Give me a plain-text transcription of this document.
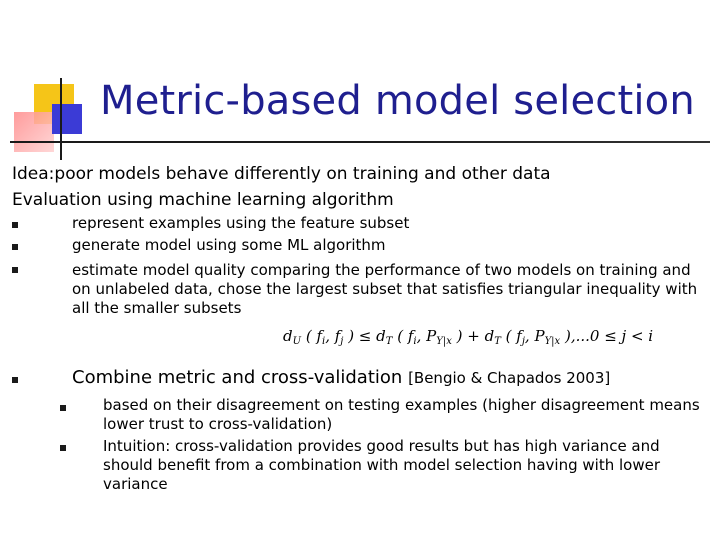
Metric-based model selection
Idea:poor models behave differently on training and other data
Evaluation using machine learning algorithm
represent examples using the feature subset
generate model using some ML algorithm
estimate model quality comparing the performance of two models on training and on unlabeled data, chose the largest subset that satisfies triangular inequality with all the smaller subsets
$d_U$ ( $f_i$, $f_j$ ) ≤ $d_T$ ( $f_i$, $P_{Y|x}$ ) + $d_T$ ( $f_j$, $P_{Y|x}$ ),...0 ≤ j < i
Combine metric and cross-validation [Bengio & Chapados 2003]
based on their disagreement on testing examples (higher disagreement means lower trust to cross-validation)
Intuition: cross-validation provides good results but has high variance and should benefit from a combination with model selection having with lower variance
